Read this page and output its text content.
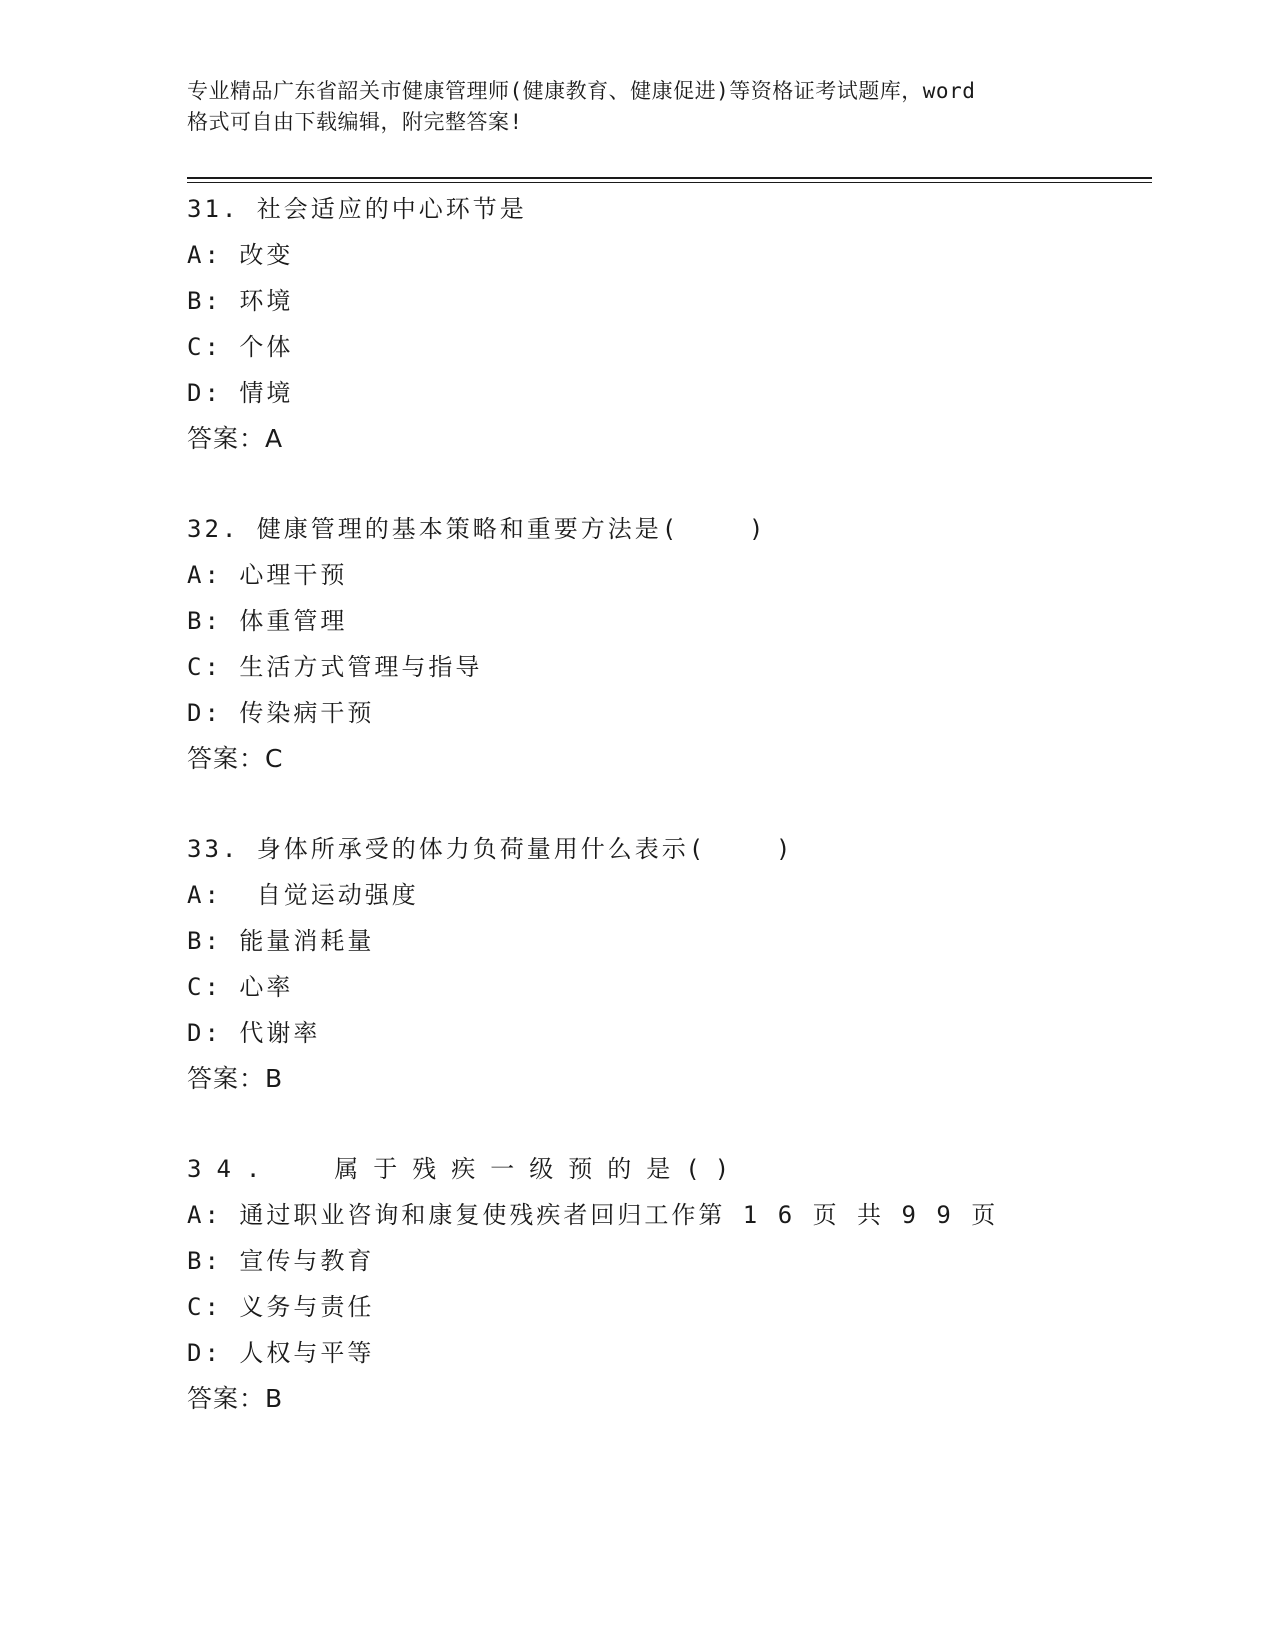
专业精品广东省韶关市健康管理师(健康教育、健康促进)等资格证考试题库，word
格式可自由下载编辑，附完整答案!
31. 社会适应的中心环节是
A: 改变
B: 环境
C: 个体
D: 情境
答案：A
32. 健康管理的基本策略和重要方法是(    )
A: 心理干预
B: 体重管理
C: 生活方式管理与指导
D: 传染病干预
答案：C
33. 身体所承受的体力负荷量用什么表示(    )
A:  自觉运动强度
B: 能量消耗量
C: 心率
D: 代谢率
答案：B
34.  属于残疾一级预的是()
A: 通过职业咨询和康复使残疾者回归工作第 1 6 页 共 9 9 页
B: 宣传与教育
C: 义务与责任
D: 人权与平等
答案：B
